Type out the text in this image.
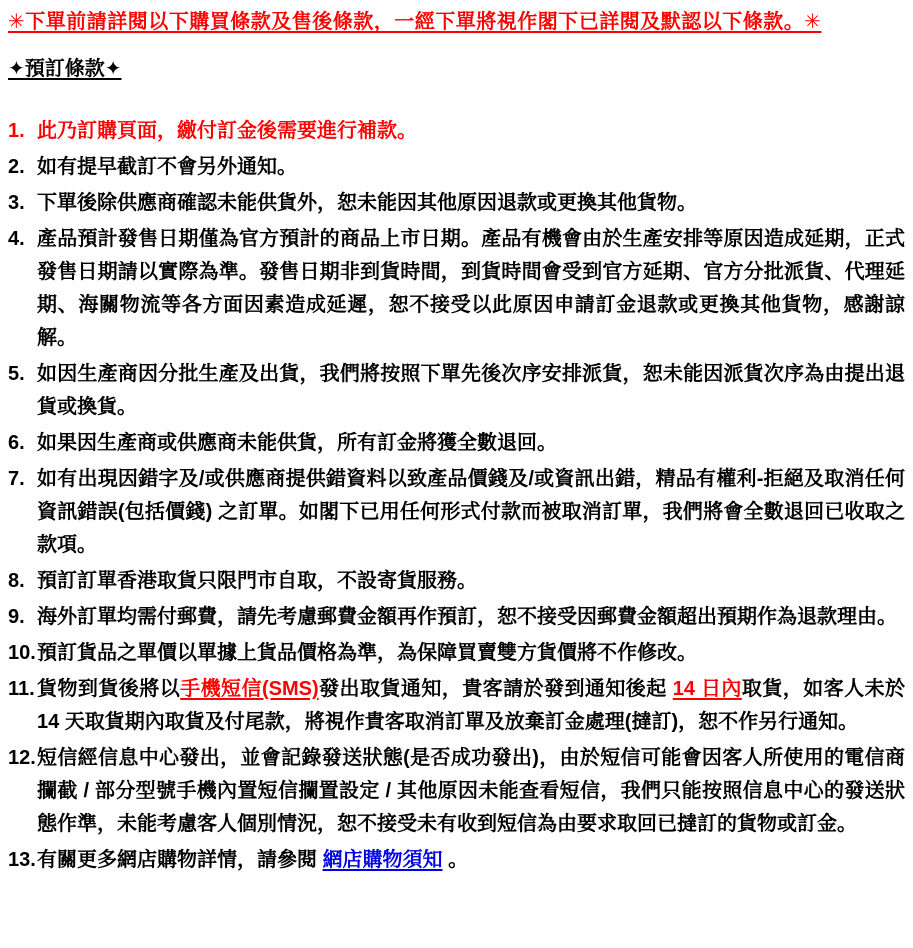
✳︎下單前請詳閱以下購買條款及售後條款，一經下單將視作閣下已詳閱及默認以下條款。✳︎
✦預訂條款✦
1. 此乃訂購頁面，繳付訂金後需要進行補款。
2. 如有提早截訂不會另外通知。
3. 下單後除供應商確認未能供貨外，恕未能因其他原因退款或更換其他貨物。
4. 產品預計發售日期僅為官方預計的商品上市日期。產品有機會由於生產安排等原因造成延期，正式發售日期請以實際為準。發售日期非到貨時間，到貨時間會受到官方延期、官方分批派貨、代理延期、海關物流等各方面因素造成延遲，恕不接受以此原因申請訂金退款或更換其他貨物，感謝諒解。
5. 如因生產商因分批生產及出貨，我們將按照下單先後次序安排派貨，恕未能因派貨次序為由提出退貨或換貨。
6. 如果因生產商或供應商未能供貨，所有訂金將獲全數退回。
7. 如有出現因錯字及/或供應商提供錯資料以致產品價錢及/或資訊出錯，精品有權利-拒絕及取消任何資訊錯誤(包括價錢) 之訂單。如閣下已用任何形式付款而被取消訂單，我們將會全數退回已收取之款項。
8. 預訂訂單香港取貨只限門市自取，不設寄貨服務。
9. 海外訂單均需付郵費，請先考慮郵費金額再作預訂，恕不接受因郵費金額超出預期作為退款理由。
10. 預訂貨品之單價以單據上貨品價格為準，為保障買賣雙方貨價將不作修改。
11. 貨物到貨後將以手機短信(SMS)發出取貨通知，貴客請於發到通知後起 14 日內取貨，如客人未於 14 天取貨期內取貨及付尾款，將視作貴客取消訂單及放棄訂金處理(撻訂)，恕不作另行通知。
12. 短信經信息中心發出，並會記錄發送狀態(是否成功發出)，由於短信可能會因客人所使用的電信商攔截 / 部分型號手機內置短信攔置設定 / 其他原因未能查看短信，我們只能按照信息中心的發送狀態作準，未能考慮客人個別情況，恕不接受未有收到短信為由要求取回已撻訂的貨物或訂金。
13. 有關更多網店購物詳情，請參閱 網店購物須知 。
